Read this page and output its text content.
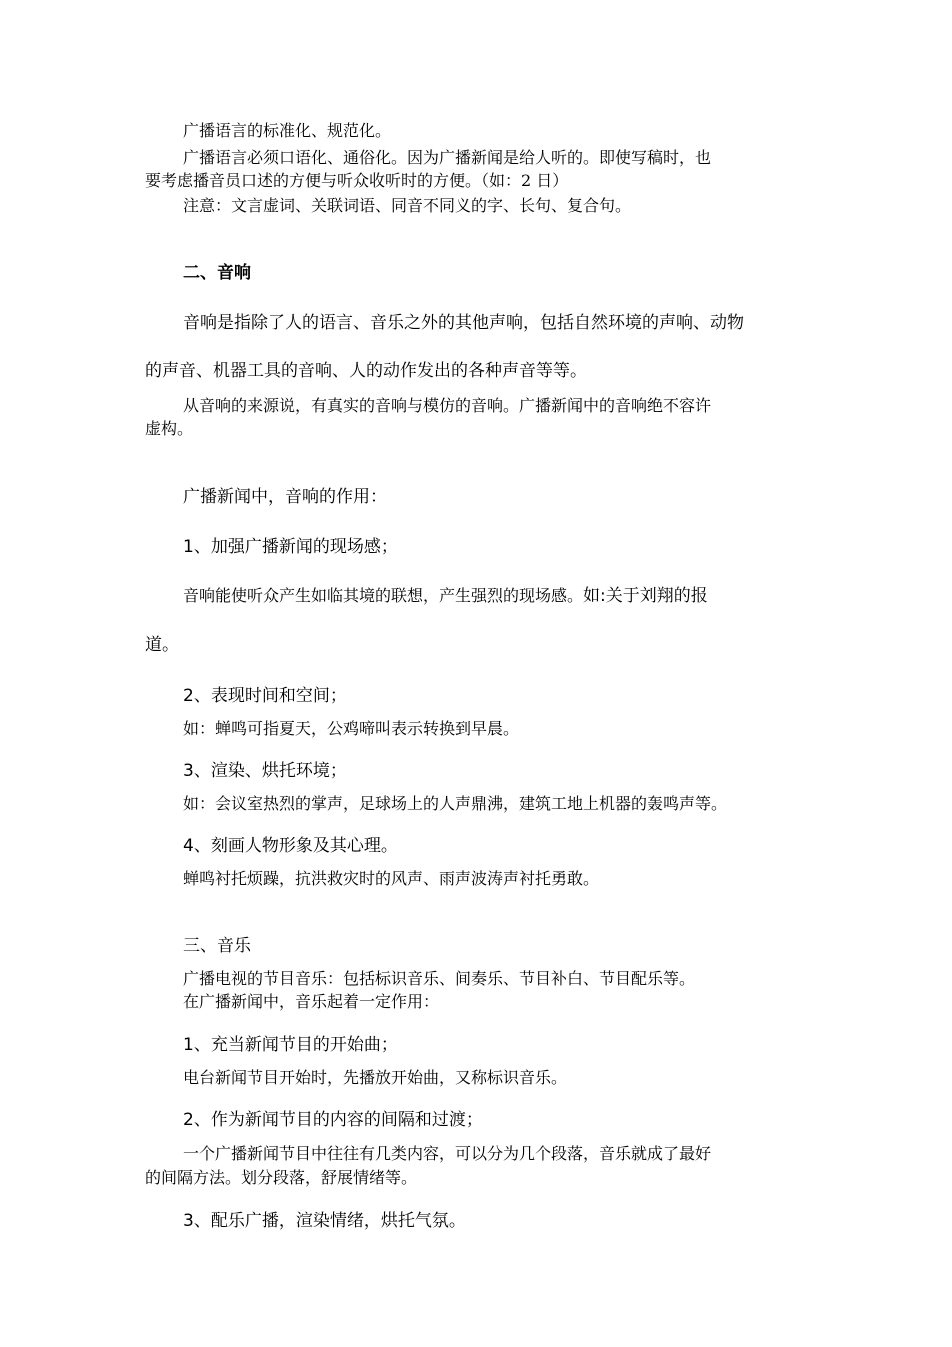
广播语言的标准化、规范化。

广播语言必须口语化、通俗化。因为广播新闻是给人听的。即使写稿时，也

要考虑播音员口述的方便与听众收听时的方便。（如：2 日）

注意：文言虚词、关联词语、同音不同义的字、长句、复合句。

二、音响

音响是指除了人的语言、音乐之外的其他声响，包括自然环境的声响、动物

的声音、机器工具的音响、人的动作发出的各种声音等等。

从音响的来源说，有真实的音响与模仿的音响。广播新闻中的音响绝不容许

虚构。

广播新闻中，音响的作用：

1、加强广播新闻的现场感；

音响能使听众产生如临其境的联想，产生强烈的现场感。如:关于刘翔的报

道。

2、表现时间和空间；

如：蝉鸣可指夏天，公鸡啼叫表示转换到早晨。

3、渲染、烘托环境；

如：会议室热烈的掌声，足球场上的人声鼎沸，建筑工地上机器的轰鸣声等。

4、刻画人物形象及其心理。

蝉鸣衬托烦躁，抗洪救灾时的风声、雨声波涛声衬托勇敢。

三、音乐

广播电视的节目音乐：包括标识音乐、间奏乐、节目补白、节目配乐等。

在广播新闻中，音乐起着一定作用：

1、充当新闻节目的开始曲；

电台新闻节目开始时，先播放开始曲，又称标识音乐。

2、作为新闻节目的内容的间隔和过渡；

一个广播新闻节目中往往有几类内容，可以分为几个段落，音乐就成了最好

的间隔方法。划分段落，舒展情绪等。

3、配乐广播，渲染情绪，烘托气氛。
